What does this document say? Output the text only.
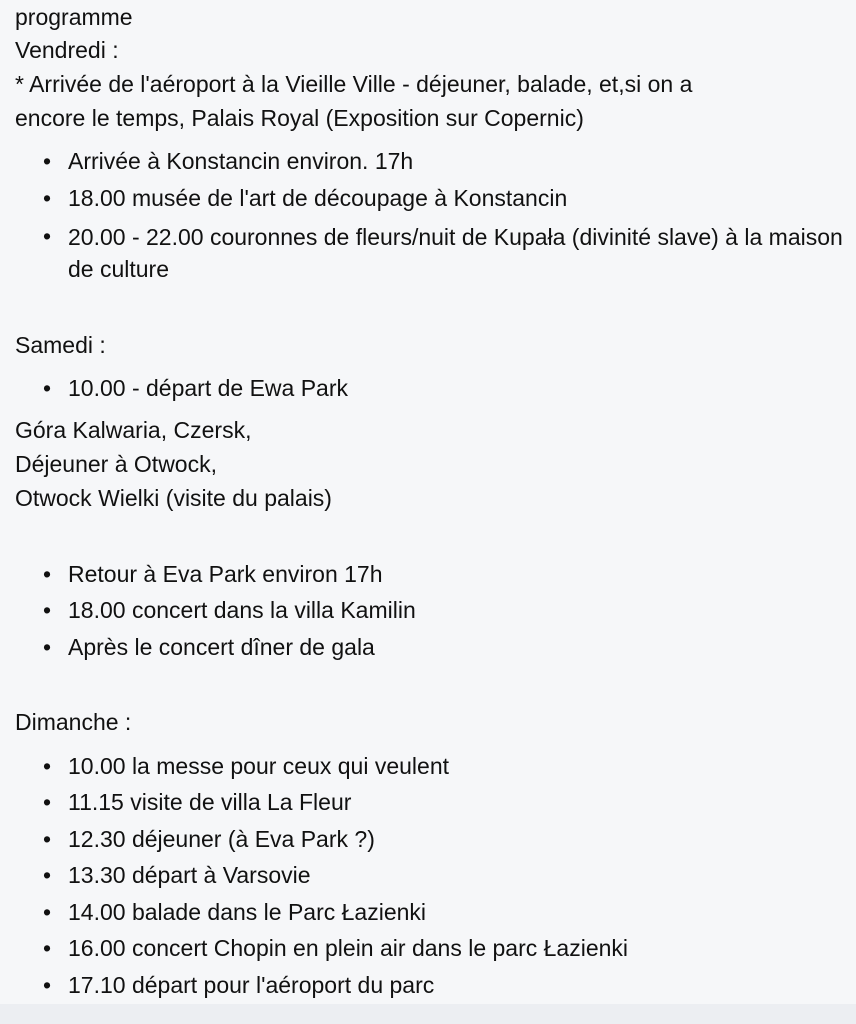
programme
Vendredi :
* Arrivée de l'aéroport à la Vieille Ville - déjeuner, balade, et,si on a
encore le temps, Palais Royal (Exposition sur Copernic)
Arrivée à Konstancin environ. 17h
18.00 musée de l'art de découpage à Konstancin
20.00 - 22.00 couronnes de fleurs/nuit de Kupała (divinité slave) à la maison de culture
Samedi :
10.00 - départ de Ewa Park
Góra Kalwaria, Czersk,
Déjeuner à Otwock,
Otwock Wielki (visite du palais)
Retour à Eva Park environ 17h
18.00 concert dans la villa Kamilin
Après le concert dîner de gala
Dimanche :
10.00 la messe pour ceux qui veulent
11.15 visite de villa La Fleur
12.30 déjeuner (à Eva Park ?)
13.30 départ à Varsovie
14.00 balade dans le Parc Łazienki
16.00 concert Chopin en plein air dans le parc Łazienki
17.10 départ pour l'aéroport du parc
